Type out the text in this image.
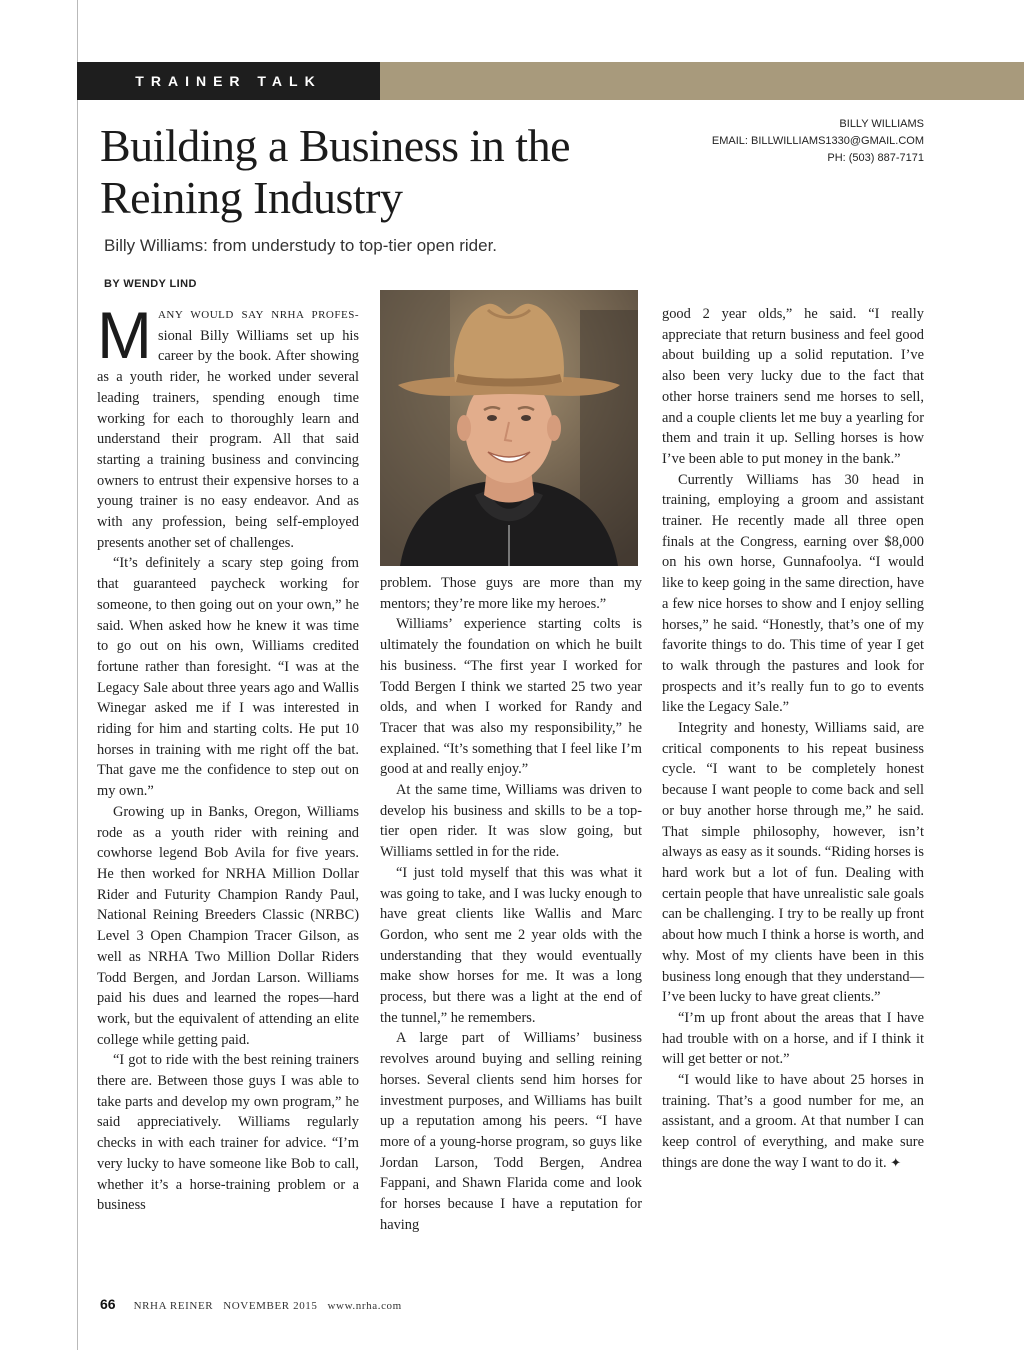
TRAINER TALK
Building a Business in the Reining Industry
BILLY WILLIAMS
EMAIL: BILLWILLIAMS1330@GMAIL.COM
PH: (503) 887-7171
Billy Williams: from understudy to top-tier open rider.
BY WENDY LIND

MANY WOULD SAY NRHA PROFES- sional Billy Williams set up his career by the book. After showing as a youth rider, he worked under several leading trainers, spending enough time working for each to thoroughly learn and understand their program. All that said starting a training business and convincing owners to entrust their expensive horses to a young trainer is no easy endeavor. And as with any profession, being self-employed presents another set of challenges.

“It’s definitely a scary step going from that guaranteed paycheck working for someone, to then going out on your own,” he said. When asked how he knew it was time to go out on his own, Williams credited fortune rather than foresight. “I was at the Legacy Sale about three years ago and Wallis Winegar asked me if I was interested in riding for him and starting colts. He put 10 horses in training with me right off the bat. That gave me the confidence to step out on my own.”

Growing up in Banks, Oregon, Williams rode as a youth rider with reining and cowhorse legend Bob Avila for five years. He then worked for NRHA Million Dollar Rider and Futurity Champion Randy Paul, National Reining Breeders Classic (NRBC) Level 3 Open Champion Tracer Gilson, as well as NRHA Two Million Dollar Riders Todd Bergen, and Jordan Larson. Williams paid his dues and learned the ropes—hard work, but the equivalent of attending an elite college while getting paid.

“I got to ride with the best reining trainers there are. Between those guys I was able to take parts and develop my own program,” he said appreciatively. Williams regularly checks in with each trainer for advice. “I’m very lucky to have someone like Bob to call, whether it’s a horse-training problem or a business

problem. Those guys are more than my mentors; they’re more like my heroes.”

Williams’ experience starting colts is ultimately the foundation on which he built his business. “The first year I worked for Todd Bergen I think we started 25 two year olds, and when I worked for Randy and Tracer that was also my responsibility,” he explained. “It’s something that I feel like I’m good at and really enjoy.”

At the same time, Williams was driven to develop his business and skills to be a top-tier open rider. It was slow going, but Williams settled in for the ride.

“I just told myself that this was what it was going to take, and I was lucky enough to have great clients like Wallis and Marc Gordon, who sent me 2 year olds with the understanding that they would eventually make show horses for me. It was a long process, but there was a light at the end of the tunnel,” he remembers.

A large part of Williams’ business revolves around buying and selling reining horses. Several clients send him horses for investment purposes, and Williams has built up a reputation among his peers. “I have more of a young-horse program, so guys like Jordan Larson, Todd Bergen, Andrea Fappani, and Shawn Flarida come and look for horses because I have a reputation for having

good 2 year olds,” he said. “I really appreciate that return business and feel good about building up a solid reputation. I’ve also been very lucky due to the fact that other horse trainers send me horses to sell, and a couple clients let me buy a yearling for them and train it up. Selling horses is how I’ve been able to put money in the bank.”

Currently Williams has 30 head in training, employing a groom and assistant trainer. He recently made all three open finals at the Congress, earning over $8,000 on his own horse, Gunnafoolya. “I would like to keep going in the same direction, have a few nice horses to show and I enjoy selling horses,” he said. “Honestly, that’s one of my favorite things to do. This time of year I get to walk through the pastures and look for prospects and it’s really fun to go to events like the Legacy Sale.”

Integrity and honesty, Williams said, are critical components to his repeat business cycle. “I want to be completely honest because I want people to come back and sell or buy another horse through me,” he said. That simple philosophy, however, isn’t always as easy as it sounds. “Riding horses is hard work but a lot of fun. Dealing with certain people that have unrealistic sale goals can be challenging. I try to be really up front about how much I think a horse is worth, and why. Most of my clients have been in this business long enough that they understand—I’ve been lucky to have great clients.”

“I’m up front about the areas that I have had trouble with on a horse, and if I think it will get better or not.”

“I would like to have about 25 horses in training. That’s a good number for me, an assistant, and a groom. At that number I can keep control of everything, and make sure things are done the way I want to do it. ✦

66 NRHA REINER NOVEMBER 2015 www.nrha.com
